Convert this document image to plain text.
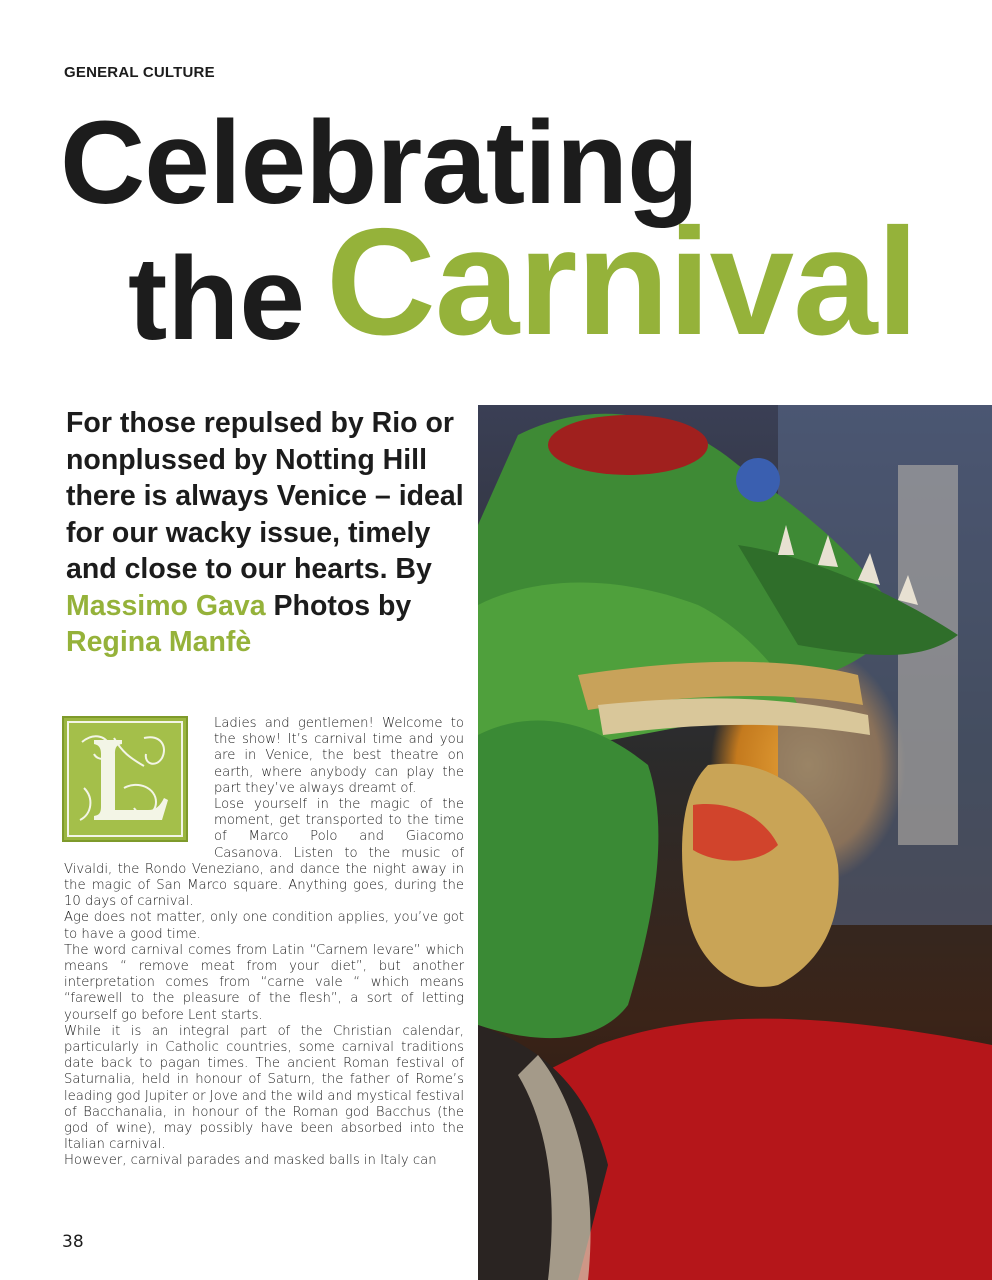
GENERAL CULTURE
Celebrating
the Carnival
For those repulsed by Rio or nonplussed by Notting Hill there is always Venice – ideal for our wacky issue, timely and close to our hearts. By Massimo Gava Photos by Regina Manfè

Ladies and gentlemen! Welcome to the show! It’s carnival time and you are in Venice, the best theatre on earth, where anybody can play the part they’ve always dreamt of.

Lose yourself in the magic of the moment, get transported to the time of Marco Polo and Giacomo Casanova. Listen to the music of Vivaldi, the Rondo Veneziano, and dance the night away in the magic of San Marco square. Anything goes, during the 10 days of carnival.

Age does not matter, only one condition applies, you’ve got to have a good time.

The word carnival comes from Latin “Carnem levare” which means “ remove meat from your diet”, but another interpretation comes from “carne vale “ which means “farewell to the pleasure of the flesh”, a sort of letting yourself go before Lent starts.

While it is an integral part of the Christian calendar, particularly in Catholic countries, some carnival traditions date back to pagan times. The ancient Roman festival of Saturnalia, held in honour of Saturn, the father of Rome’s leading god Jupiter or Jove and the wild and mystical festival of Bacchanalia, in honour of the Roman god Bacchus (the god of wine), may possibly have been absorbed into the Italian carnival.

However, carnival parades and masked balls in Italy can

38
